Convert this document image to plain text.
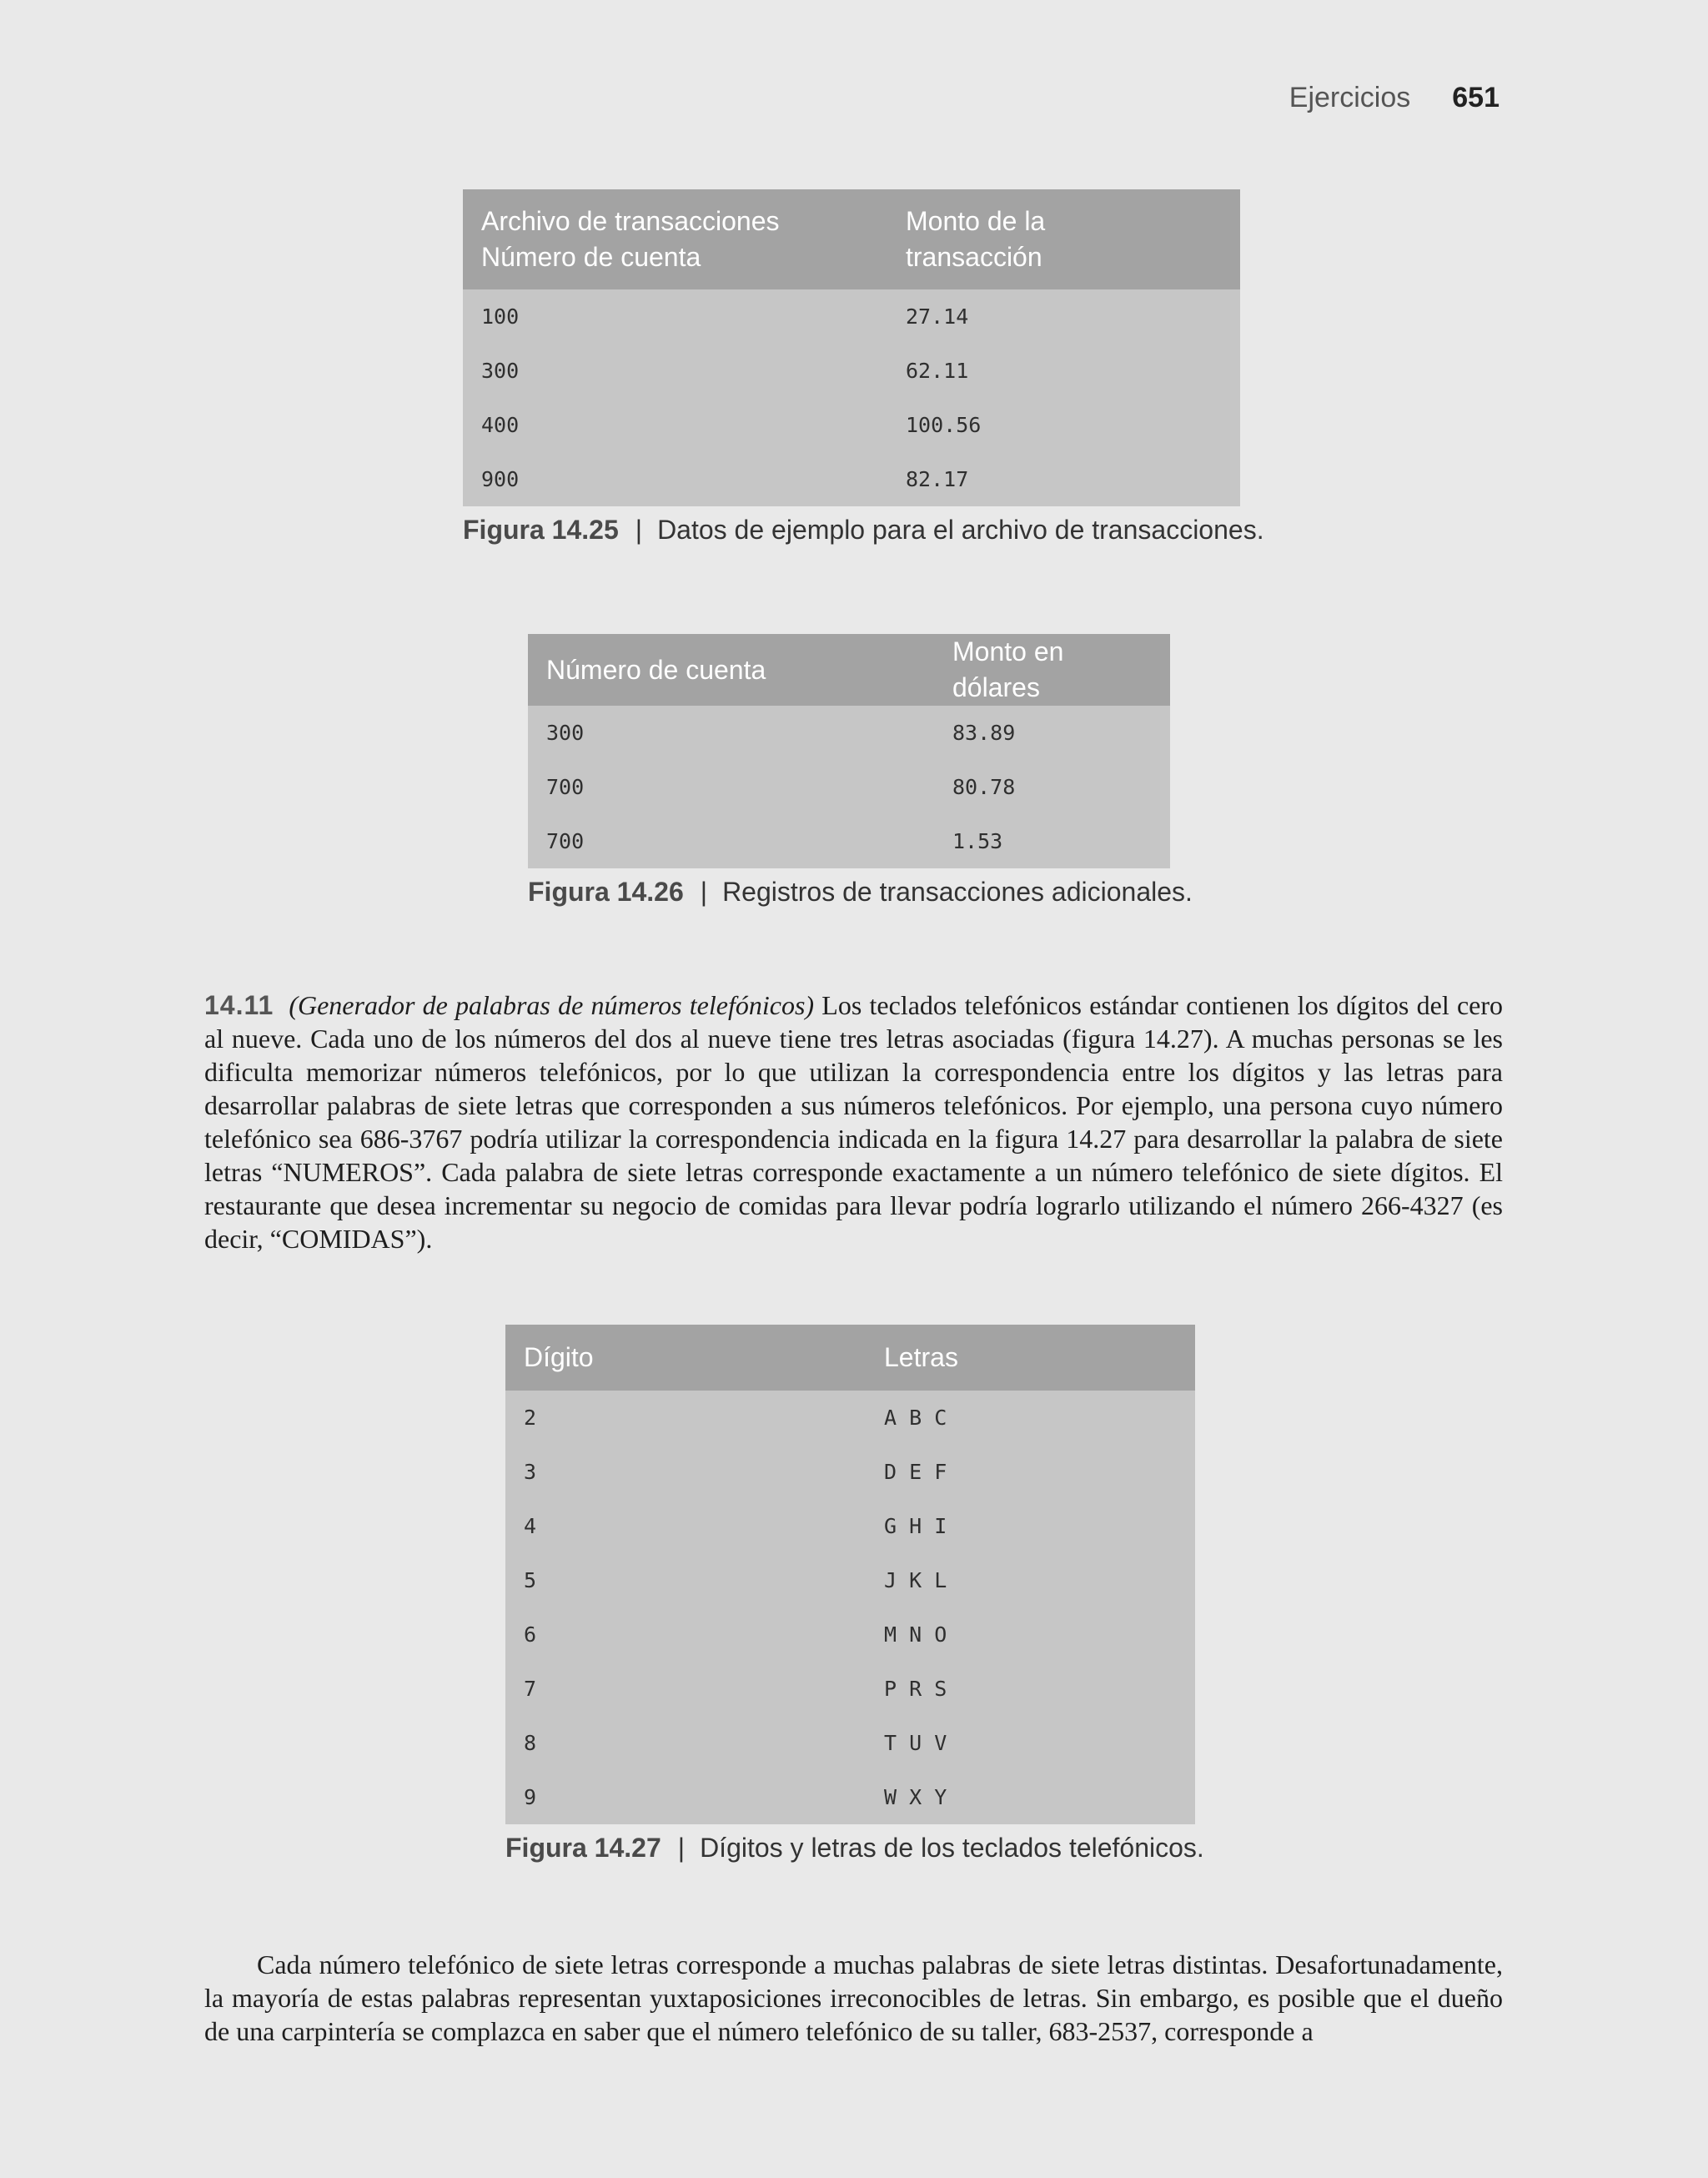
Ejercicios 651
Archivo de transacciones
Número de cuenta	Monto de la
transacción
100	27.14
300	62.11
400	100.56
900	82.17
Figura 14.25 | Datos de ejemplo para el archivo de transacciones.
Número de cuenta	Monto en dólares
300	83.89
700	80.78
700	1.53
Figura 14.26 | Registros de transacciones adicionales.
14.11 (Generador de palabras de números telefónicos) Los teclados telefónicos estándar contienen los dígitos del cero al nueve. Cada uno de los números del dos al nueve tiene tres letras asociadas (figura 14.27). A muchas personas se les dificulta memorizar números telefónicos, por lo que utilizan la correspondencia entre los dígitos y las letras para desarrollar palabras de siete letras que corresponden a sus números telefónicos. Por ejemplo, una persona cuyo número telefónico sea 686-3767 podría utilizar la correspondencia indicada en la figura 14.27 para desarrollar la palabra de siete letras “NUMEROS”. Cada palabra de siete letras corresponde exactamente a un número telefónico de siete dígitos. El restaurante que desea incrementar su negocio de comidas para llevar podría lograrlo utilizando el número 266-4327 (es decir, “COMIDAS”).
Dígito	Letras
2	A B C
3	D E F
4	G H I
5	J K L
6	M N O
7	P R S
8	T U V
9	W X Y
Figura 14.27 | Dígitos y letras de los teclados telefónicos.
Cada número telefónico de siete letras corresponde a muchas palabras de siete letras distintas. Desafortunadamente, la mayoría de estas palabras representan yuxtaposiciones irreconocibles de letras. Sin embargo, es posible que el dueño de una carpintería se complazca en saber que el número telefónico de su taller, 683-2537, corresponde a
